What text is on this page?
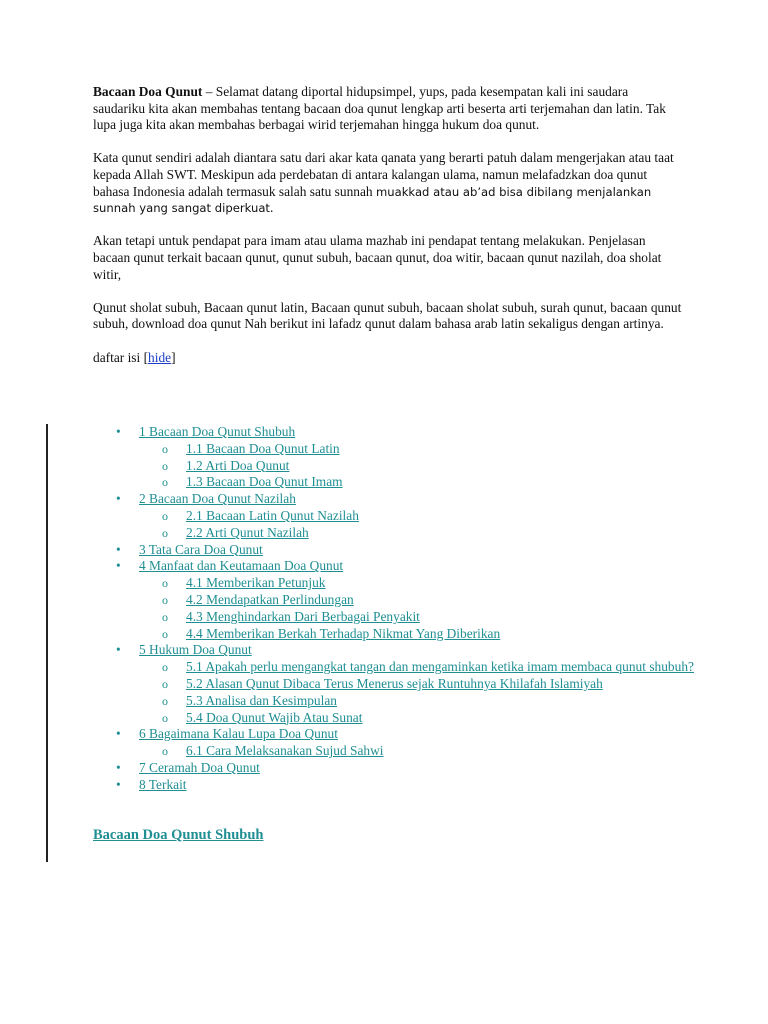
Bacaan Doa Qunut – Selamat datang diportal hidupsimpel, yups, pada kesempatan kali ini saudara saudariku kita akan membahas tentang bacaan doa qunut lengkap arti beserta arti terjemahan dan latin. Tak lupa juga kita akan membahas berbagai wirid terjemahan hingga hukum doa qunut.

Kata qunut sendiri adalah diantara satu dari akar kata qanata yang berarti patuh dalam mengerjakan atau taat kepada Allah SWT. Meskipun ada perdebatan di antara kalangan ulama, namun melafadzkan doa qunut bahasa Indonesia adalah termasuk salah satu sunnah muakkad atau ab’ad bisa dibilang menjalankan sunnah yang sangat diperkuat.

Akan tetapi untuk pendapat para imam atau ulama mazhab ini pendapat tentang melakukan. Penjelasan bacaan qunut terkait bacaan qunut, qunut subuh, bacaan qunut, doa witir, bacaan qunut nazilah, doa sholat witir,

Qunut sholat subuh, Bacaan qunut latin, Bacaan qunut subuh, bacaan sholat subuh, surah qunut, bacaan qunut subuh, download doa qunut Nah berikut ini lafadz qunut dalam bahasa arab latin sekaligus dengan artinya.

daftar isi [hide]

• 1 Bacaan Doa Qunut Shubuh
o 1.1 Bacaan Doa Qunut Latin
o 1.2 Arti Doa Qunut
o 1.3 Bacaan Doa Qunut Imam
• 2 Bacaan Doa Qunut Nazilah
o 2.1 Bacaan Latin Qunut Nazilah
o 2.2 Arti Qunut Nazilah
• 3 Tata Cara Doa Qunut
• 4 Manfaat dan Keutamaan Doa Qunut
o 4.1 Memberikan Petunjuk
o 4.2 Mendapatkan Perlindungan
o 4.3 Menghindarkan Dari Berbagai Penyakit
o 4.4 Memberikan Berkah Terhadap Nikmat Yang Diberikan
• 5 Hukum Doa Qunut
o 5.1 Apakah perlu mengangkat tangan dan mengaminkan ketika imam membaca qunut shubuh?
o 5.2 Alasan Qunut Dibaca Terus Menerus sejak Runtuhnya Khilafah Islamiyah
o 5.3 Analisa dan Kesimpulan
o 5.4 Doa Qunut Wajib Atau Sunat
• 6 Bagaimana Kalau Lupa Doa Qunut
o 6.1 Cara Melaksanakan Sujud Sahwi
• 7 Ceramah Doa Qunut
• 8 Terkait
Bacaan Doa Qunut Shubuh
